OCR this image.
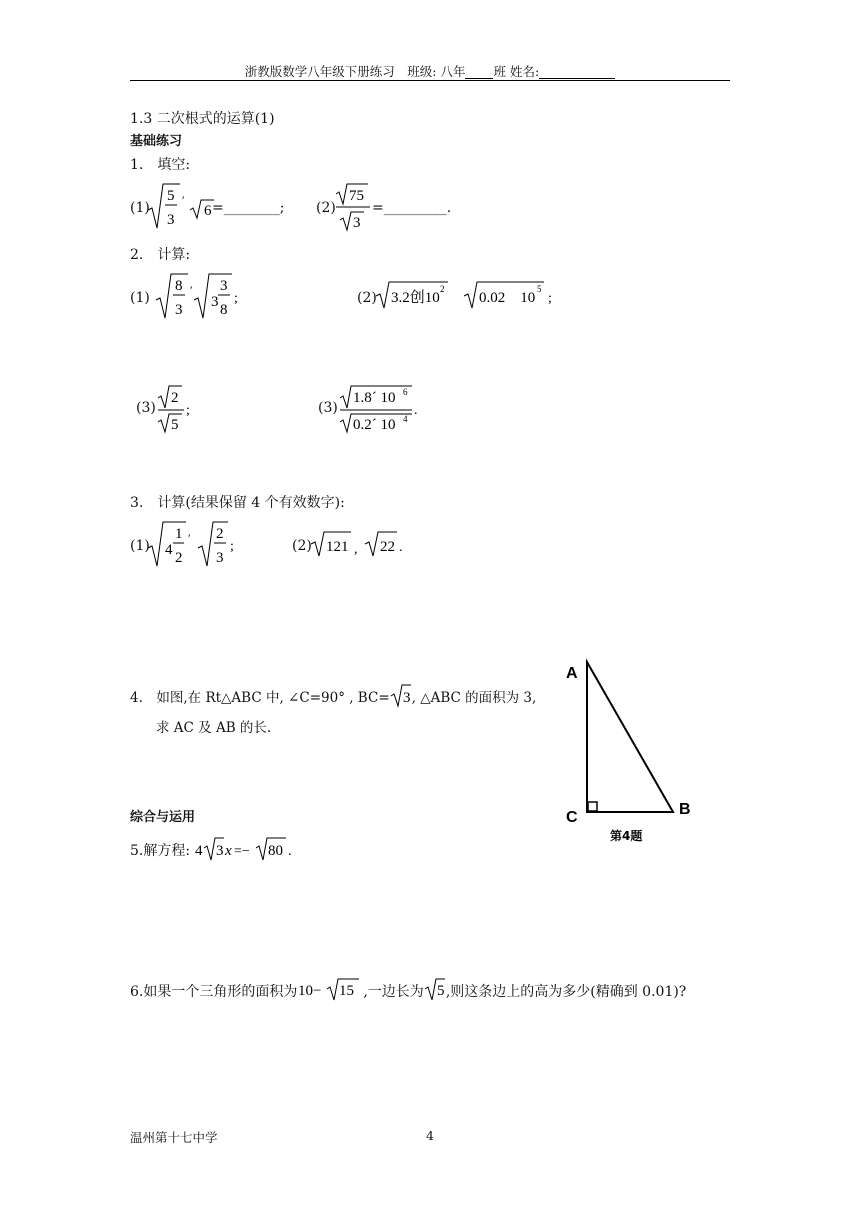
浙教版数学八年级下册练习　班级: 八年 班 姓名:
1.3 二次根式的运算(1)
基础练习
1.　填空:
(1)
5
3
′
6 =________; (2)
75
3
=_________.
2.　计算:
(1)
8
3
′
3
3
8
;	(2) 3.2创10
2
0.02　10
5
;
(3)
2
5
;	(3)
1.8´ 10 6
0.2´ 10 4
.
3.　计算(结果保留 4 个有效数字):
(1) 4
1
2
′ 2
3
;	(2) 121 , 22 .
4.　如图,在 Rt△ABC 中, ∠C=90° , BC= 3 , △ABC 的面积为 3,
求 AC 及 AB 的长.
A
B
C
第4题
综合与运用
5.解方程: 4 3 x =− 80 .
6.如果一个三角形的面积为 10− 15 ,一边长为 5 ,则这条边上的高为多少(精确到 0.01)?
温州第十七中学	4
